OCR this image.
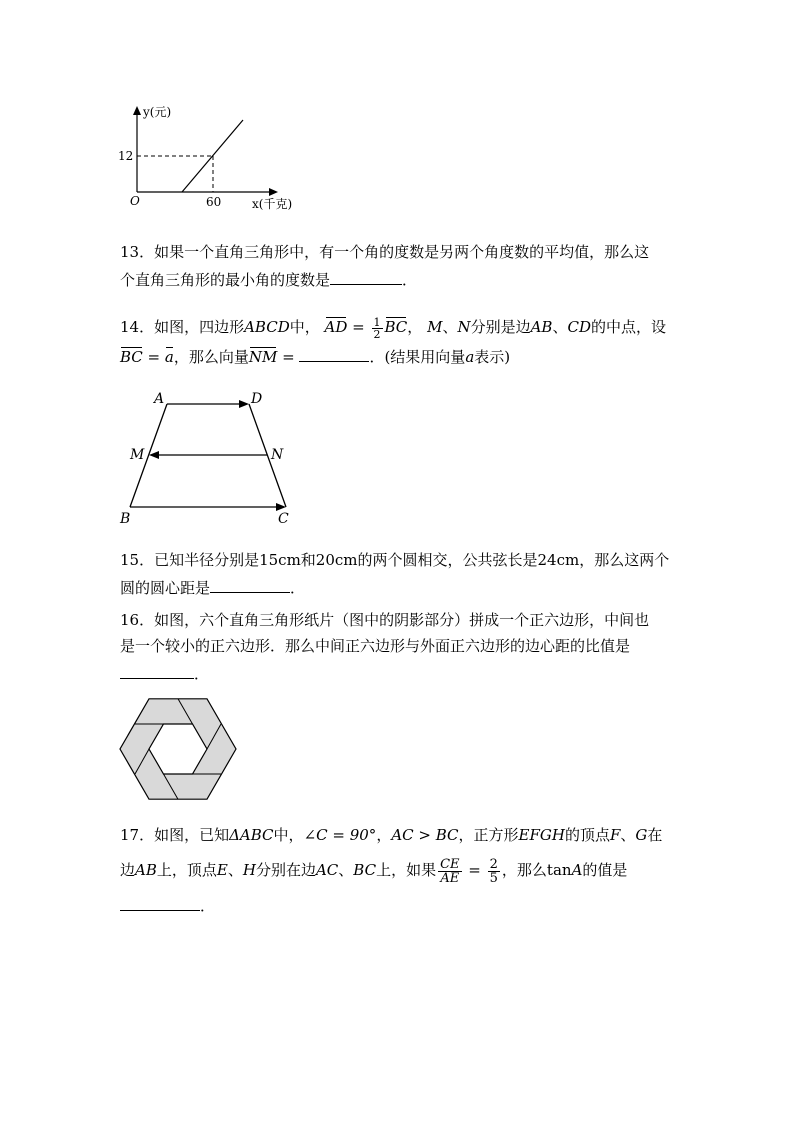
y(元)
x(千克)
O
12
60
13．如果一个直角三角形中，有一个角的度数是另两个角度数的平均值，那么这
个直角三角形的最小角的度数是	．
14．如图，四边形ABCD中， AD = $\frac{1}{2}$ BC， M、N分别是边AB、CD的中点，设
BC = a，那么向量NM =	．(结果用向量a表示)
A	D
M	N
B	C
15．已知半径分别是15cm和20cm的两个圆相交，公共弦长是24cm，那么这两个
圆的圆心距是	．
16．如图，六个直角三角形纸片（图中的阴影部分）拼成一个正六边形，中间也
是一个较小的正六边形．那么中间正六边形与外面正六边形的边心距的比值是
．
17．如图，已知ΔABC中，∠C = 90°，AC > BC，正方形EFGH的顶点F、G在
边AB上，顶点E、H分别在边AC、BC上，如果 $\frac{CE}{AE} = \frac{2}{5}$ ，那么tanA的值是
．
